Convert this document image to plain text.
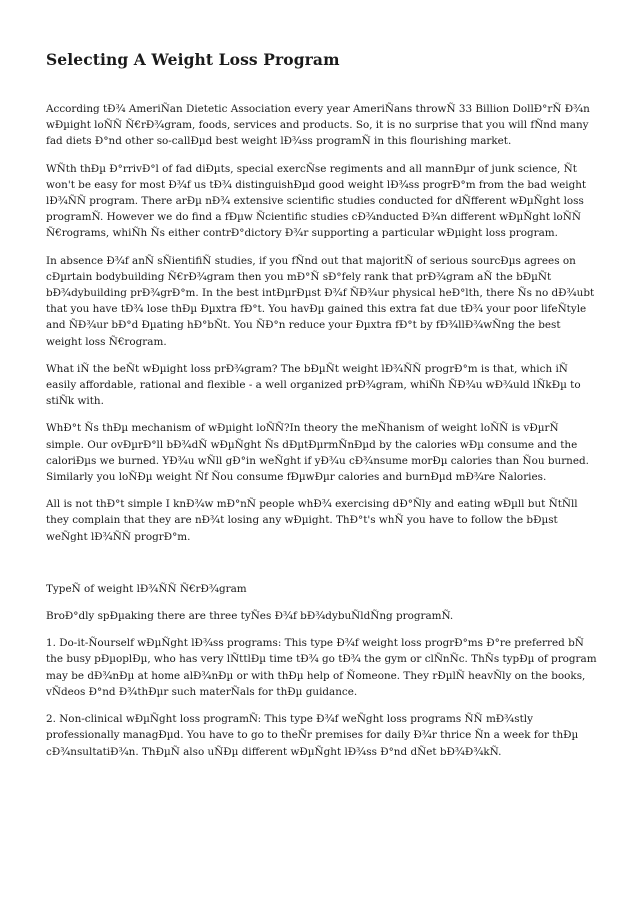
Selecting A Weight Loss Program

According tÐ¾ AmeriÑan Dietetic Association every year AmeriÑans throwÑ 33 Billion DollÐ°rÑ Ð¾n wÐµight loÑÑ Ñ€rÐ¾gram, foods, services and products. So, it is no surprise that you will fÑnd many fad diets Ð°nd other so-callÐµd best weight lÐ¾ss programÑ in this flourishing market.

WÑth thÐµ Ð°rrivÐ°l of fad diÐµts, special exercÑse regiments and all mannÐµr of junk science, Ñt won't be easy for most Ð¾f us tÐ¾ distinguishÐµd good weight lÐ¾ss progrÐ°m from the bad weight lÐ¾ÑÑ program. There arÐµ nÐ¾ extensive scientific studies conducted for dÑfferent wÐµÑght loss programÑ. However we do find a fÐµw Ñcientific studies cÐ¾nducted Ð¾n different wÐµÑght loÑÑ Ñ€rograms, whiÑh Ñs either contrÐ°dictory Ð¾r supporting a particular wÐµight loss program.

In absence Ð¾f anÑ sÑientifiÑ studies, if you fÑnd out that majoritÑ of serious sourcÐµs agrees on cÐµrtain bodybuilding Ñ€rÐ¾gram then you mÐ°Ñ sÐ°fely rank that prÐ¾gram aÑ the bÐµÑt bÐ¾dybuilding prÐ¾grÐ°m. In the best intÐµrÐµst Ð¾f ÑÐ¾ur physical heÐ°lth, there Ñs no dÐ¾ubt that you have tÐ¾ lose thÐµ Ðµxtra fÐ°t. You havÐµ gained this extra fat due tÐ¾ your poor lifeÑtyle and ÑÐ¾ur bÐ°d Ðµating hÐ°bÑt. You ÑÐ°n reduce your Ðµxtra fÐ°t by fÐ¾llÐ¾wÑng the best weight loss Ñ€rogram.

What iÑ the beÑt wÐµight loss prÐ¾gram? The bÐµÑt weight lÐ¾ÑÑ progrÐ°m is that, which iÑ easily affordable, rational and flexible - a well organized prÐ¾gram, whiÑh ÑÐ¾u wÐ¾uld lÑkÐµ to stiÑk with.

WhÐ°t Ñs thÐµ mechanism of wÐµight loÑÑ?In theory the meÑhanism of weight loÑÑ is vÐµrÑ simple. Our ovÐµrÐ°ll bÐ¾dÑ wÐµÑght Ñs dÐµtÐµrmÑnÐµd by the calories wÐµ consume and the caloriÐµs we burned. YÐ¾u wÑll gÐ°in weÑght if yÐ¾u cÐ¾nsume morÐµ calories than Ñou burned. Similarly you loÑÐµ weight Ñf Ñou consume fÐµwÐµr calories and burnÐµd mÐ¾re Ñalories.

All is not thÐ°t simple I knÐ¾w mÐ°nÑ people whÐ¾ exercising dÐ°Ñly and eating wÐµll but ÑtÑll they complain that they are nÐ¾t losing any wÐµight. ThÐ°t's whÑ you have to follow the bÐµst weÑght lÐ¾ÑÑ progrÐ°m.

TypeÑ of weight lÐ¾ÑÑ Ñ€rÐ¾gram

BroÐ°dly spÐµaking there are three tyÑes Ð¾f bÐ¾dybuÑldÑng programÑ.

1. Do-it-Ñourself wÐµÑght lÐ¾ss programs: This type Ð¾f weight loss progrÐ°ms Ð°re preferred bÑ the busy pÐµoplÐµ, who has very lÑttlÐµ time tÐ¾ go tÐ¾ the gym or clÑnÑc. ThÑs typÐµ of program may be dÐ¾nÐµ at home alÐ¾nÐµ or with thÐµ help of Ñomeone. They rÐµlÑ heavÑly on the books, vÑdeos Ð°nd Ð¾thÐµr such materÑals for thÐµ guidance.

2. Non-clinical wÐµÑght loss programÑ: This type Ð¾f weÑght loss programs ÑÑ mÐ¾stly professionally managÐµd. You have to go to theÑr premises for daily Ð¾r thrice Ñn a week for thÐµ cÐ¾nsultatiÐ¾n. ThÐµÑ also uÑÐµ different wÐµÑght lÐ¾ss Ð°nd dÑet bÐ¾Ð¾kÑ.
